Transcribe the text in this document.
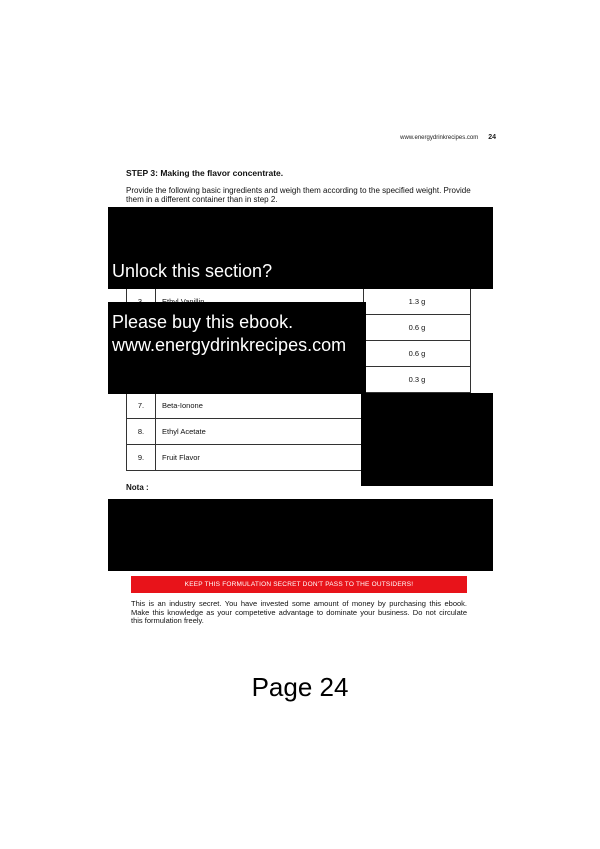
www.energydrinkrecipes.com 24
STEP 3: Making the flavor concentrate.
Provide the following basic ingredients and weigh them according to the specified weight. Provide them in a different container than in step 2.
		1.3 g
		0.6 g
		0.6 g
		0.3 g
7.	Beta-Ionone	
8.	Ethyl Acetate	
9.	Fruit Flavor	
Nota :
Unlock this section?
Please buy this ebook.
www.energydrinkrecipes.com
KEEP THIS FORMULATION SECRET DON'T PASS TO THE OUTSIDERS!
This is an industry secret. You have invested some amount of money by purchasing this ebook. Make this knowledge as your competetive advantage to dominate your business. Do not circulate this formulation freely.
Page 24
